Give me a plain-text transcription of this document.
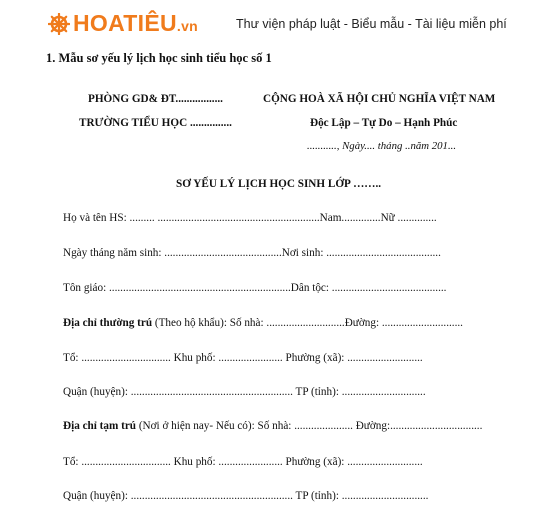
HOATIÊU.vn	Thư viện pháp luật - Biểu mẫu - Tài liệu miễn phí
1. Mẫu sơ yếu lý lịch học sinh tiểu học số 1
PHÒNG GD& ĐT.................
TRƯỜNG TIỂU HỌC ...............
CỘNG HOÀ XÃ HỘI CHỦ NGHĨA VIỆT NAM
Độc Lập – Tự Do – Hạnh Phúc
..........., Ngày.... tháng ..năm 201...
SƠ YẾU LÝ LỊCH HỌC SINH LỚP ……..
Họ và tên HS: ......... ..........................................................Nam..............Nữ ..............
Ngày tháng năm sinh: ..........................................Nơi sinh: .........................................
Tôn giáo: .................................................................Dân tộc: .........................................
Địa chỉ thường trú (Theo hộ khẩu): Số nhà: ............................Đường: .............................
Tổ: ................................ Khu phố: ....................... Phường (xã): ...........................
Quận (huyện): .......................................................... TP (tỉnh): ..............................
Địa chỉ tạm trú (Nơi ở hiện nay- Nếu có): Số nhà: ..................... Đường:.................................
Tổ: ................................ Khu phố: ....................... Phường (xã): ...........................
Quận (huyện): .......................................................... TP (tỉnh): ...............................
